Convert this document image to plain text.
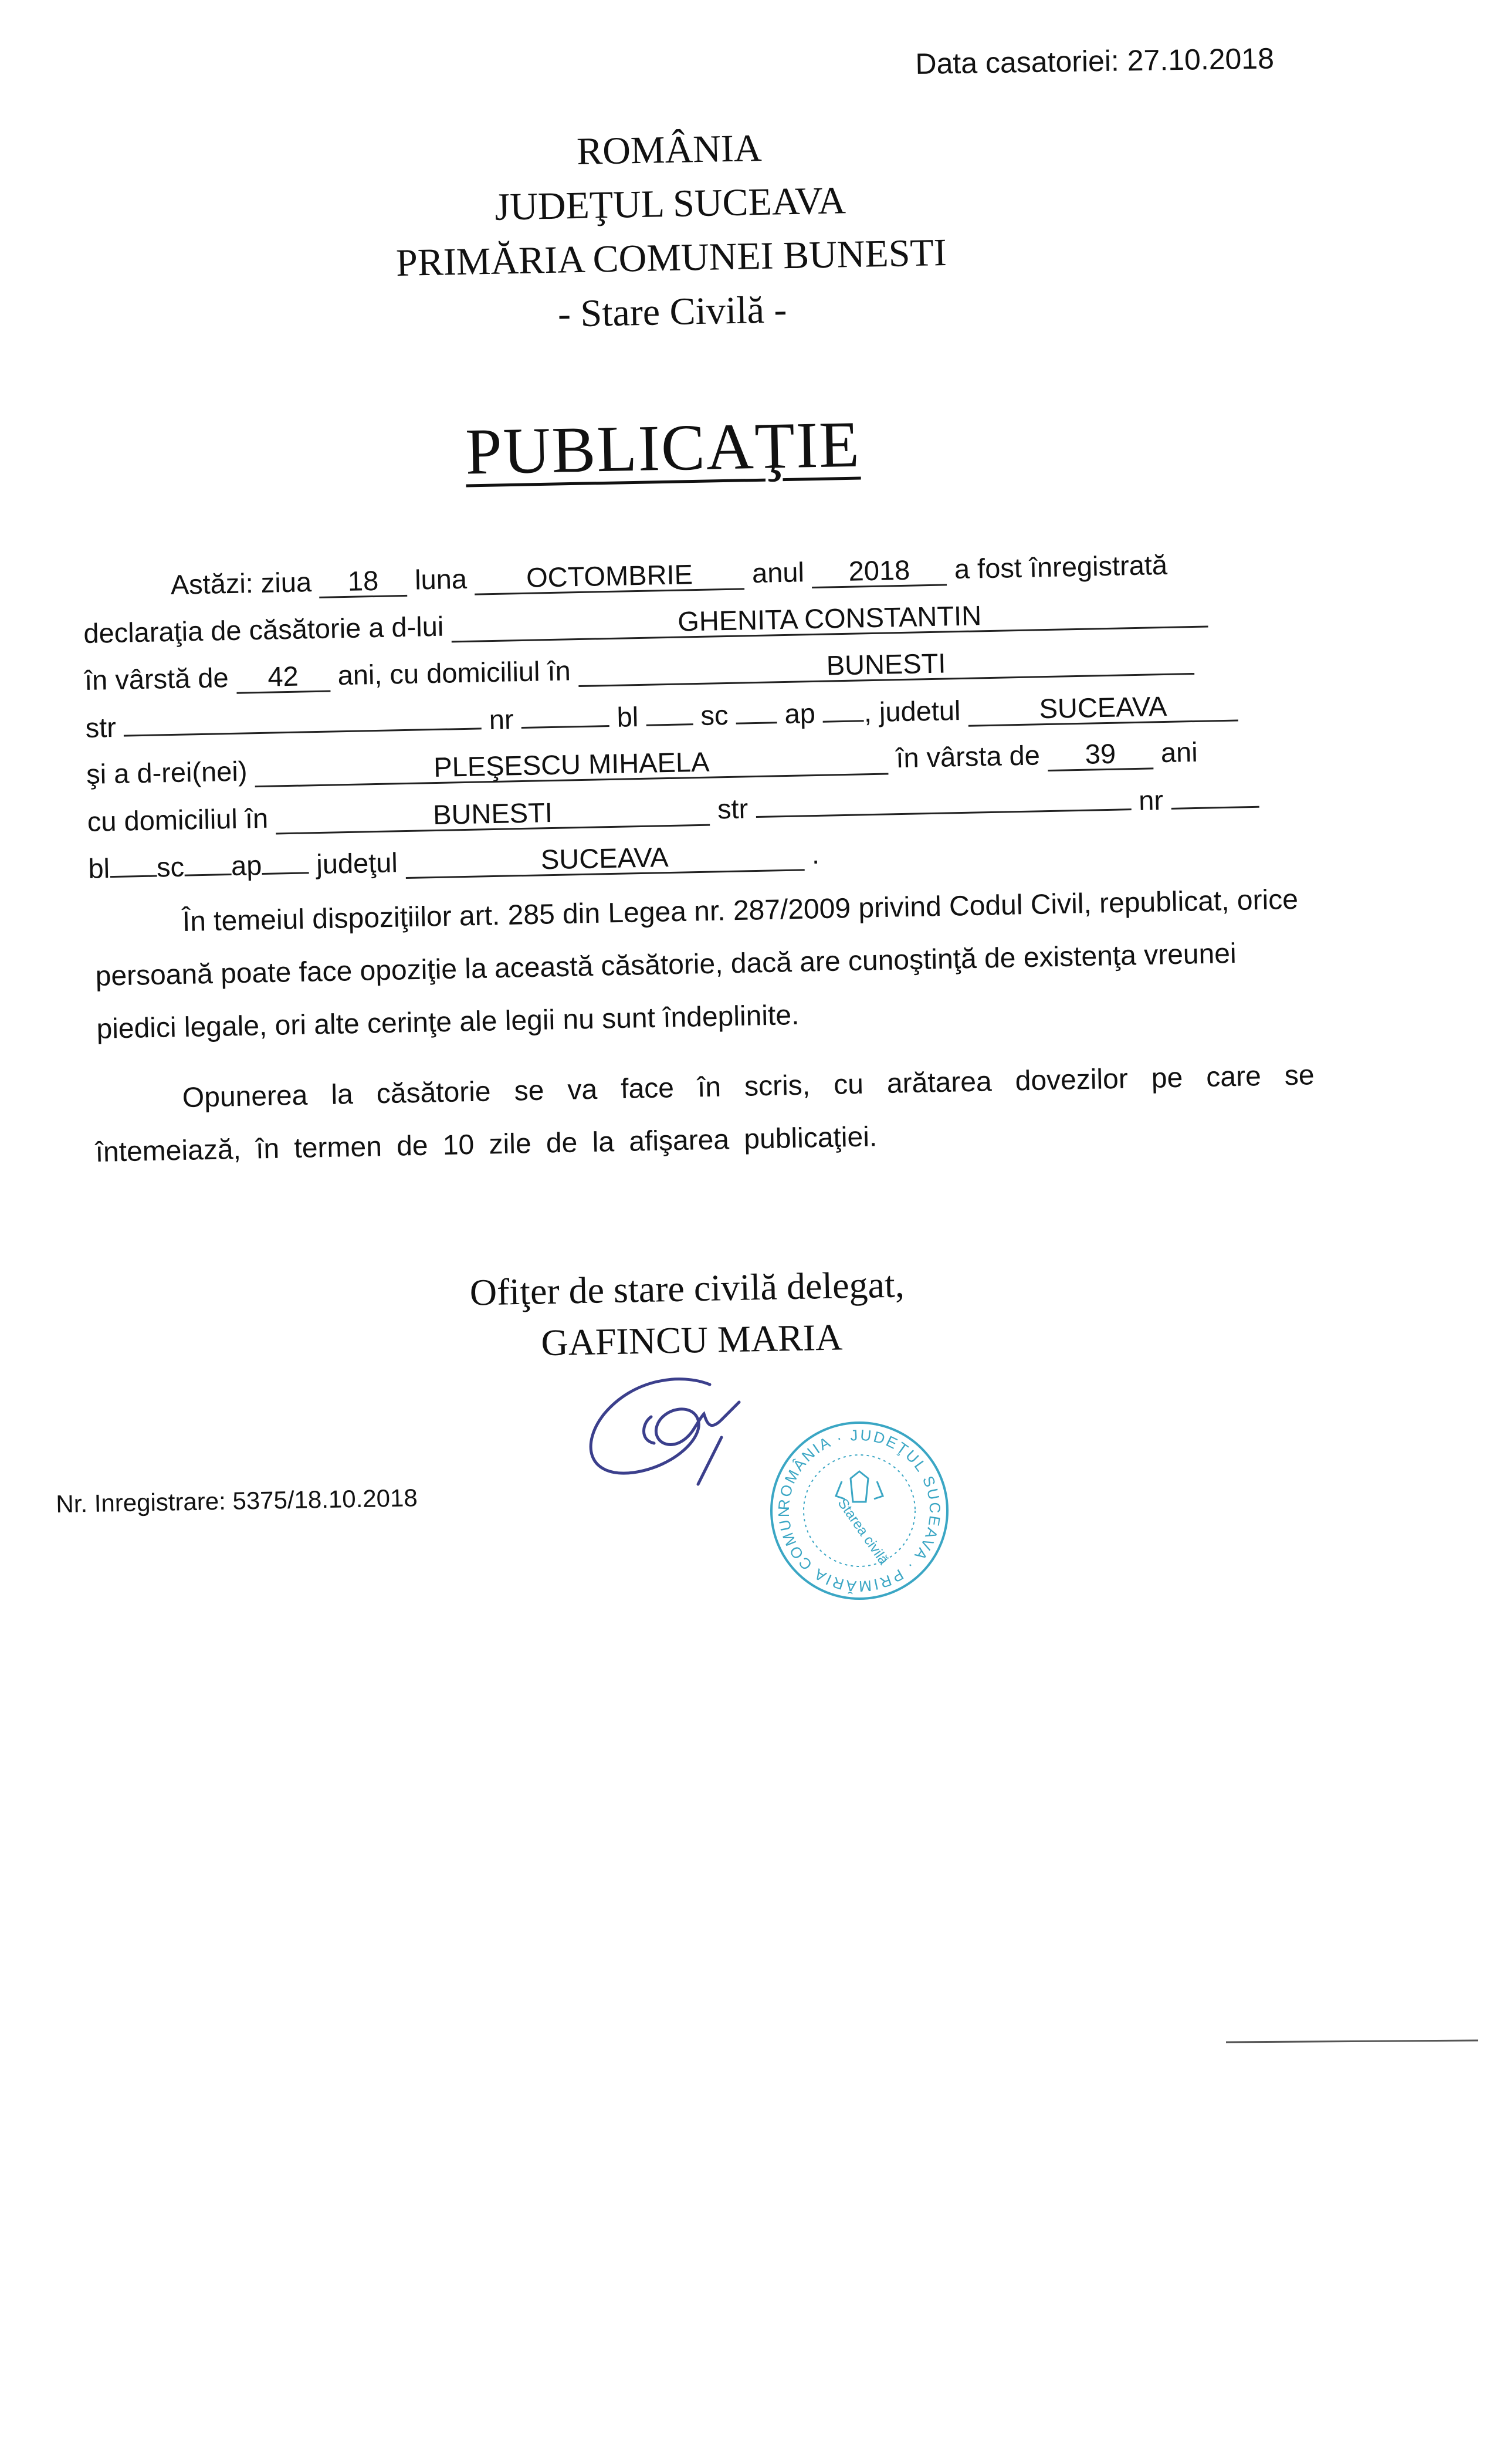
Data casatoriei: 27.10.2018
ROMÂNIA
JUDEŢUL SUCEAVA
PRIMĂRIA COMUNEI BUNESTI
- Stare Civilă -
PUBLICAŢIE
Astăzi: ziua 18 luna OCTOMBRIE anul 2018 a fost înregistrată
declaraţia de căsătorie a d-lui	GHENITA CONSTANTIN
în vârstă de 42 ani, cu domiciliul în	BUNESTI
str	nr	bl sc ap , judetul	SUCEAVA
şi a d-rei(nei)	PLEŞESCU MIHAELA	în vârsta de 39 ani
cu domiciliul în	BUNESTI	str	nr
bl sc ap judeţul	SUCEAVA	.
În temeiul dispoziţiilor art. 285 din Legea nr. 287/2009 privind Codul Civil, republicat, orice persoană poate face opoziţie la această căsătorie, dacă are cunoştinţă de existenţa vreunei piedici legale, ori alte cerinţe ale legii nu sunt îndeplinite.
Opunerea la căsătorie se va face în scris, cu arătarea dovezilor pe care se întemeiază, în termen de 10 zile de la afişarea publicaţiei.
Ofiţer de stare civilă delegat,
GAFINCU MARIA
Nr. Inregistrare: 5375/18.10.2018	ROMÂNIA · JUDEŢUL SUCEAVA · PRIMĂRIA COMUN	Starea civilă
